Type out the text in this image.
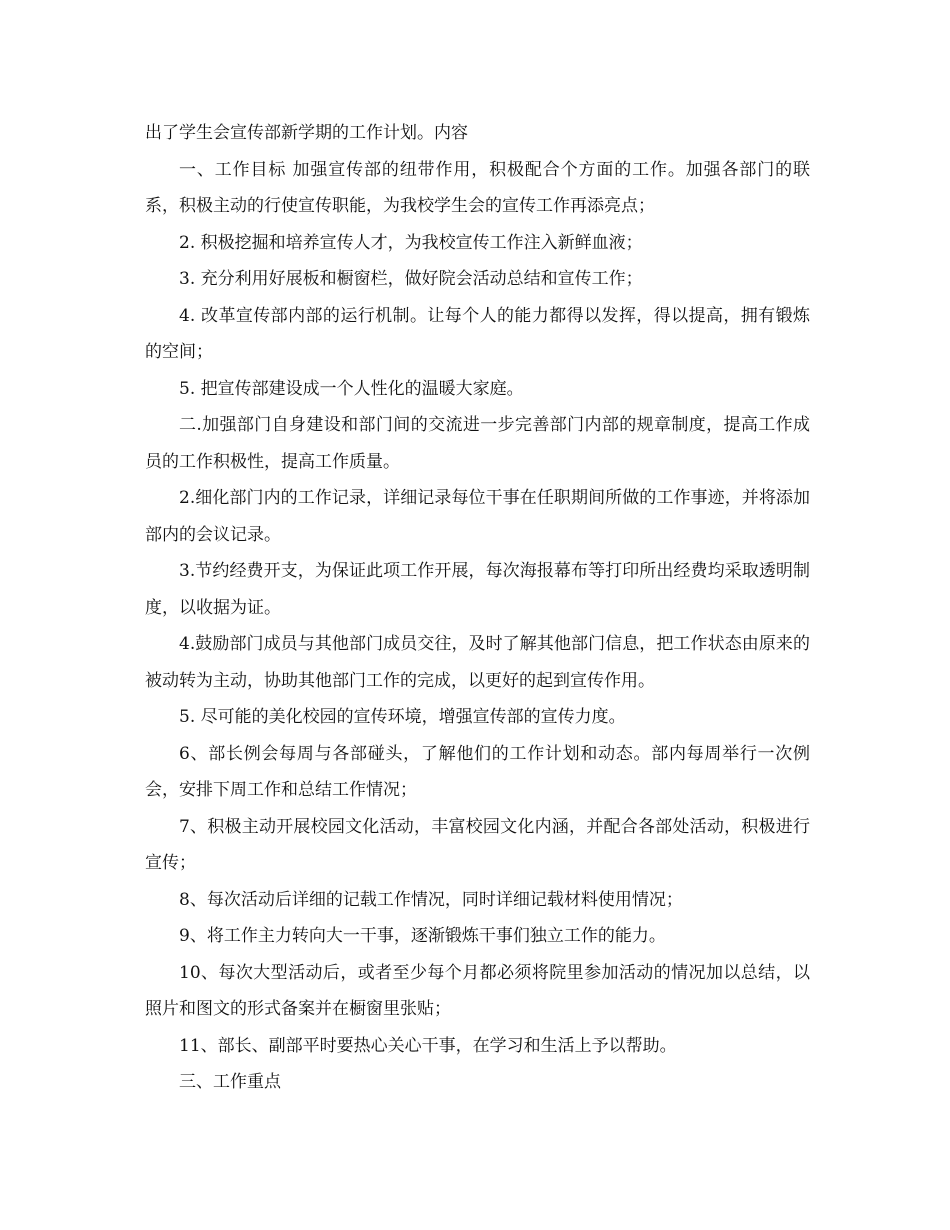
出了学生会宣传部新学期的工作计划。内容

一、工作目标 加强宣传部的纽带作用，积极配合个方面的工作。加强各部门的联系，积极主动的行使宣传职能，为我校学生会的宣传工作再添亮点；

2. 积极挖掘和培养宣传人才，为我校宣传工作注入新鲜血液；

3. 充分利用好展板和橱窗栏，做好院会活动总结和宣传工作；

4. 改革宣传部内部的运行机制。让每个人的能力都得以发挥，得以提高，拥有锻炼的空间；

5. 把宣传部建设成一个人性化的温暖大家庭。

二.加强部门自身建设和部门间的交流进一步完善部门内部的规章制度，提高工作成员的工作积极性，提高工作质量。

2.细化部门内的工作记录，详细记录每位干事在任职期间所做的工作事迹，并将添加部内的会议记录。

3.节约经费开支，为保证此项工作开展，每次海报幕布等打印所出经费均采取透明制度，以收据为证。

4.鼓励部门成员与其他部门成员交往，及时了解其他部门信息，把工作状态由原来的被动转为主动，协助其他部门工作的完成，以更好的起到宣传作用。

5. 尽可能的美化校园的宣传环境，增强宣传部的宣传力度。

6、部长例会每周与各部碰头，了解他们的工作计划和动态。部内每周举行一次例会，安排下周工作和总结工作情况；

7、积极主动开展校园文化活动，丰富校园文化内涵，并配合各部处活动，积极进行宣传；

8、每次活动后详细的记载工作情况，同时详细记载材料使用情况；

9、将工作主力转向大一干事，逐渐锻炼干事们独立工作的能力。

10、每次大型活动后，或者至少每个月都必须将院里参加活动的情况加以总结，以照片和图文的形式备案并在橱窗里张贴；

11、部长、副部平时要热心关心干事，在学习和生活上予以帮助。

三、工作重点
